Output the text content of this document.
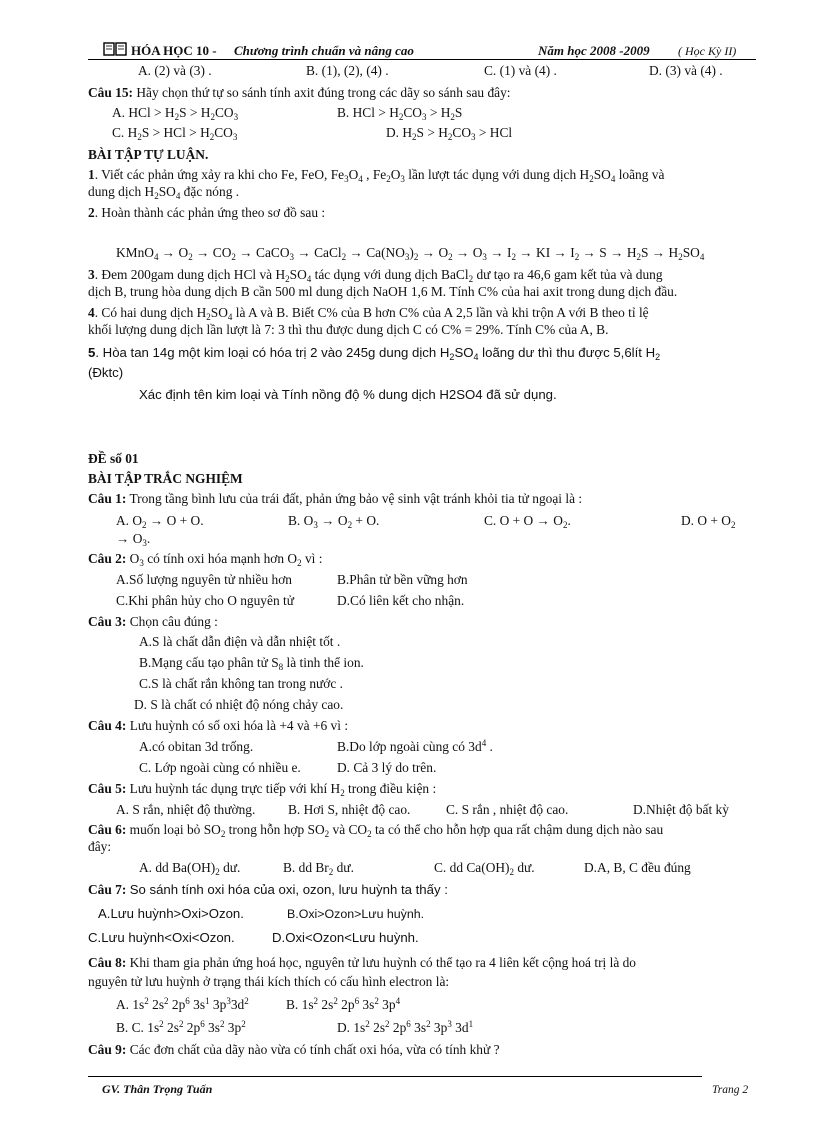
HÓA HỌC 10 - Chương trình chuẩn và nâng cao	Năm học 2008 -2009 ( Học Kỳ II)
A. (2) và (3) .	B. (1), (2), (4) .	C. (1) và (4) .	D. (3) và (4) .
Câu 15: Hãy chọn thứ tự so sánh tính axit đúng trong các dãy so sánh sau đây:
A. HCl > $H_2S > H_2CO_3$	B. HCl > $H_2CO_3 > H_2S$
C. $H_2S$ > HCl > $H_2CO_3$	D. $H_2S > H_2CO_3$ > HCl
BÀI TẬP TỰ LUẬN.
1. Viết các phản ứng xảy ra khi cho Fe, FeO, $Fe_3O_4$ , $Fe_2O_3$ lần lượt tác dụng với dung dịch $H_2SO_4$ loãng và
dung dịch $H_2SO_4$ đặc nóng .
2. Hoàn thành các phản ứng theo sơ đồ sau :
KMnO$_4$ → $O_2 \to CO_2$ → CaCO$_3$ → CaCl$_2$ → $Ca(NO_3)_2 \to O_2 \to O_3 \to I_2$ → KI → $I_2 \to S \to H_2S \to H_2SO_4$
3. Đem 200gam dung dịch HCl và $H_2SO_4$ tác dụng với dung dịch BaCl$_2$ dư tạo ra 46,6 gam kết tủa và dung
dịch B, trung hòa dung dịch B cần 500 ml dung dịch NaOH 1,6 M. Tính C% của hai axit trong dung dịch đầu.
4. Có hai dung dịch $H_2SO_4$ là A và B. Biết C% của B hơn C% của A 2,5 lần và khi trộn A với B theo tỉ lệ
khối lượng dung dịch lần lượt là 7: 3 thì thu được dung dịch C có C% = 29%. Tính C% của A, B.
5. Hòa tan 14g một kim loại có hóa trị 2 vào 245g dung dịch $H_2SO_4$ loãng dư thì thu được 5,6lít $H_2$
(Đktc)
Xác định tên kim loại và Tính nồng độ % dung dịch H2SO4 đã sử dụng.
ĐỀ số 01
BÀI TẬP TRẮC NGHIỆM
Câu 1: Trong tầng bình lưu của trái đất, phản ứng bảo vệ sinh vật tránh khỏi tia tử ngoại là :
A. $O_2 \to O + O$.	B. $O_3 \to O_2 + O$.	C. $O + O \to O_2$.	D. $O + O_2$
→ $O_3$.
Câu 2: $O_3$ có tính oxi hóa mạnh hơn $O_2$ vì :
A.Số lượng nguyên tử nhiều hơn	B.Phân tử bền vững hơn
C.Khi phân hủy cho O nguyên tử	D.Có liên kết cho nhận.
Câu 3: Chọn câu đúng :
A.S là chất dẫn điện và dẫn nhiệt tốt .
B.Mạng cấu tạo phân tử $S_8$ là tinh thể ion.
C.S là chất rắn không tan trong nước .
D. S là chất có nhiệt độ nóng chảy cao.
Câu 4: Lưu huỳnh có số oxi hóa là +4 và +6 vì :
A.có obitan 3d trống.	B.Do lớp ngoài cùng có $3d^4$ .
C. Lớp ngoài cùng có nhiều e.	D. Cả 3 lý do trên.
Câu 5: Lưu huỳnh tác dụng trực tiếp với khí $H_2$ trong điều kiện :
A. S rắn, nhiệt độ thường. B. Hơi S, nhiệt độ cao.	C. S rắn , nhiệt độ cao.	D.Nhiệt độ bất kỳ
Câu 6: muốn loại bỏ $SO_2$ trong hỗn hợp $SO_2$ và $CO_2$ ta có thể cho hỗn hợp qua rất chậm dung dịch nào sau
đây:
A. dd $Ba(OH)_2$ dư.	B. dd $Br_2$ dư.	C. dd $Ca(OH)_2$ dư.	D.A, B, C đều đúng
Câu 7: So sánh tính oxi hóa của oxi, ozon, lưu huỳnh ta thấy :
A.Lưu huỳnh>Oxi>Ozon.	B.Oxi>Ozon>Lưu huỳnh.
C.Lưu huỳnh<Oxi<Ozon.	D.Oxi<Ozon<Lưu huỳnh.
Câu 8: Khi tham gia phản ứng hoá học, nguyên tử lưu huỳnh có thể tạo ra 4 liên kết cộng hoá trị là do
nguyên tử lưu huỳnh ở trạng thái kích thích có cấu hình electron là:
A. $1s^2$ $2s^2$ $2p^6$ $3s^1$ $3p^33d^2$	B. $1s^2$ $2s^2$ $2p^6$ $3s^2$ $3p^4$
B. C. $1s^2$ $2s^2$ $2p^6$ $3s^2$ $3p^2$	D. $1s^2$ $2s^2$ $2p^6$ $3s^2$ $3p^3$ $3d^1$
Câu 9: Các đơn chất của dãy nào vừa có tính chất oxi hóa, vừa có tính khử ?
GV. Thân Trọng Tuấn	Trang 2
